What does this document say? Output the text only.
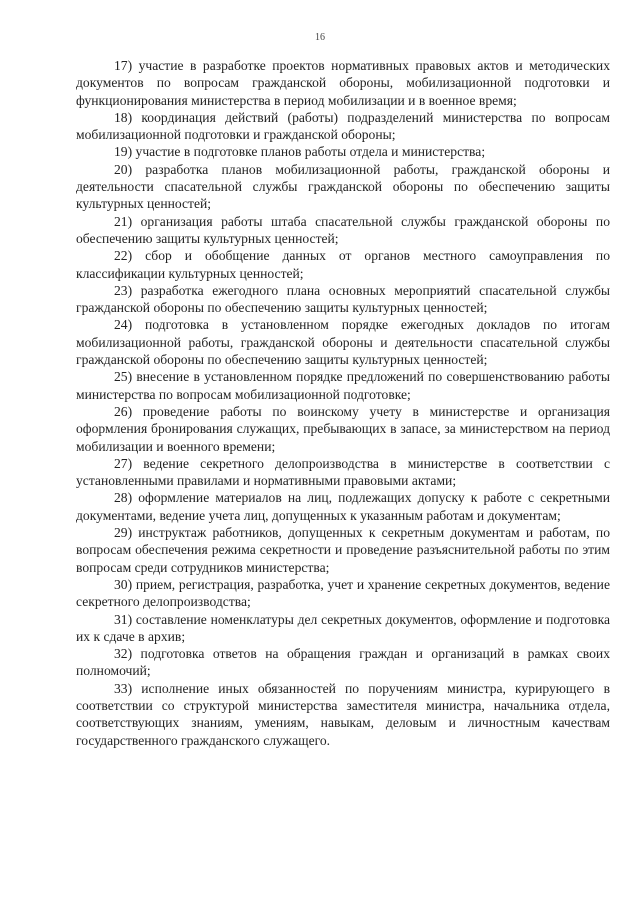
16

17) участие в разработке проектов нормативных правовых актов и методических документов по вопросам гражданской обороны, мобилизационной подготовки и функционирования министерства в период мобилизации и в военное время;

18) координация действий (работы) подразделений министерства по вопросам мобилизационной подготовки и гражданской обороны;

19) участие в подготовке планов работы отдела и министерства;

20) разработка планов мобилизационной работы, гражданской обороны и деятельности спасательной службы гражданской обороны по обеспечению защиты культурных ценностей;

21) организация работы штаба спасательной службы гражданской обороны по обеспечению защиты культурных ценностей;

22) сбор и обобщение данных от органов местного самоуправления по классификации культурных ценностей;

23) разработка ежегодного плана основных мероприятий спасательной службы гражданской обороны по обеспечению защиты культурных ценностей;

24) подготовка в установленном порядке ежегодных докладов по итогам мобилизационной работы, гражданской обороны и деятельности спасательной службы гражданской обороны по обеспечению защиты культурных ценностей;

25) внесение в установленном порядке предложений по совершенствованию работы министерства по вопросам мобилизационной подготовке;

26) проведение работы по воинскому учету в министерстве и организация оформления бронирования служащих, пребывающих в запасе, за министерством на период мобилизации и военного времени;

27) ведение секретного делопроизводства в министерстве в соответствии с установленными правилами и нормативными правовыми актами;

28) оформление материалов на лиц, подлежащих допуску к работе с секретными документами, ведение учета лиц, допущенных к указанным работам и документам;

29) инструктаж работников, допущенных к секретным документам и работам, по вопросам обеспечения режима секретности и проведение разъяснительной работы по этим вопросам среди сотрудников министерства;

30) прием, регистрация, разработка, учет и хранение секретных документов, ведение секретного делопроизводства;

31) составление номенклатуры дел секретных документов, оформление и подготовка их к сдаче в архив;

32) подготовка ответов на обращения граждан и организаций в рамках своих полномочий;

33) исполнение иных обязанностей по поручениям министра, курирующего в соответствии со структурой министерства заместителя министра, начальника отдела, соответствующих знаниям, умениям, навыкам, деловым и личностным качествам государственного гражданского служащего.
